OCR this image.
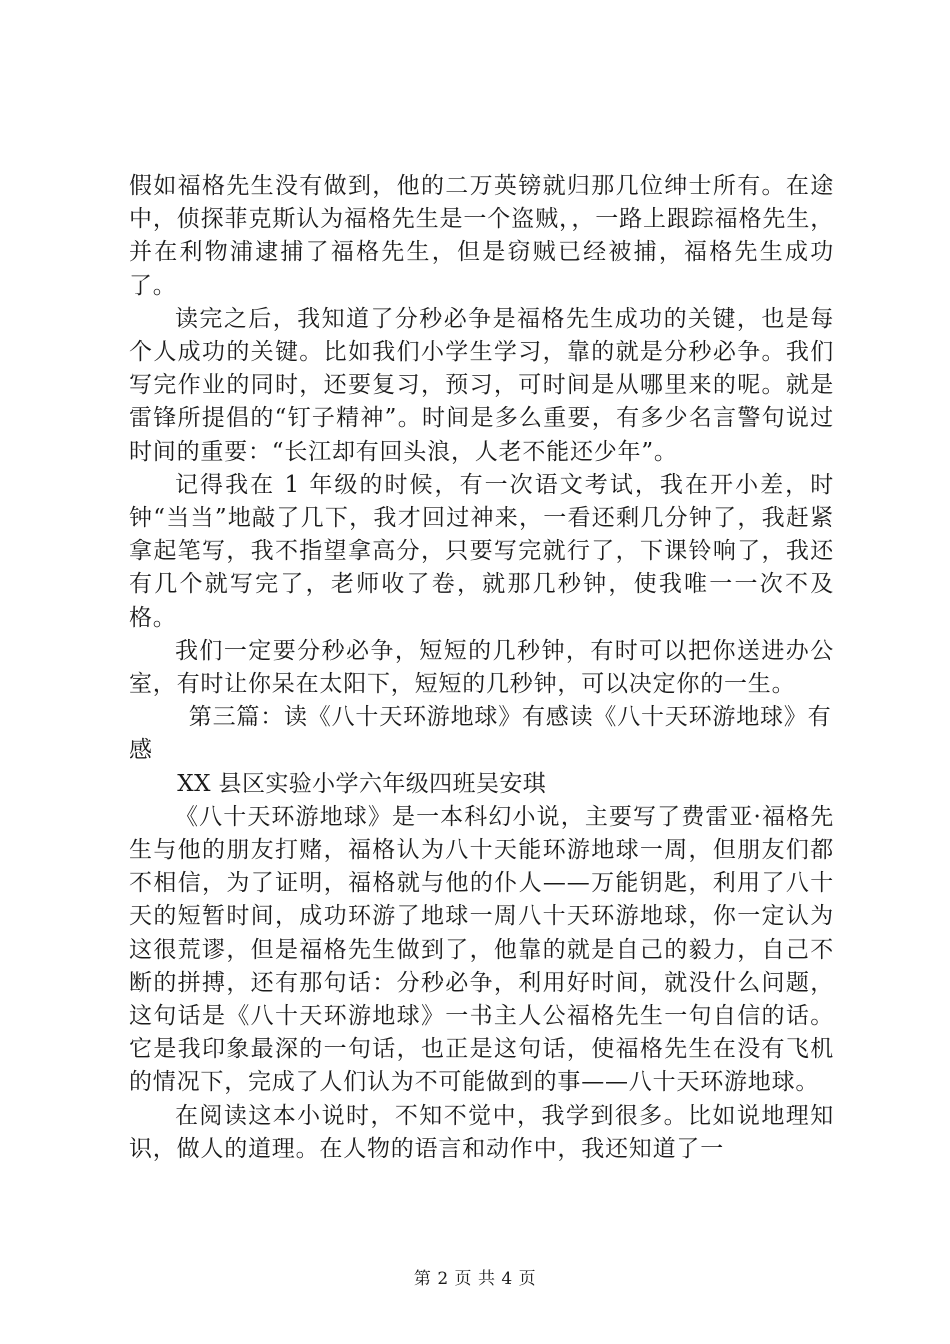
假如福格先生没有做到，他的二万英镑就归那几位绅士所有。在途中，侦探菲克斯认为福格先生是一个盗贼，，一路上跟踪福格先生，并在利物浦逮捕了福格先生，但是窃贼已经被捕，福格先生成功了。

读完之后，我知道了分秒必争是福格先生成功的关键，也是每个人成功的关键。比如我们小学生学习，靠的就是分秒必争。我们写完作业的同时，还要复习，预习，可时间是从哪里来的呢。就是雷锋所提倡的“钉子精神”。时间是多么重要，有多少名言警句说过时间的重要：“长江却有回头浪，人老不能还少年”。

记得我在 1 年级的时候，有一次语文考试，我在开小差，时钟“当当”地敲了几下，我才回过神来，一看还剩几分钟了，我赶紧拿起笔写，我不指望拿高分，只要写完就行了，下课铃响了，我还有几个就写完了，老师收了卷，就那几秒钟，使我唯一一次不及格。

我们一定要分秒必争，短短的几秒钟，有时可以把你送进办公室，有时让你呆在太阳下，短短的几秒钟，可以决定你的一生。

第三篇：读《八十天环游地球》有感读《八十天环游地球》有感

XX 县区实验小学六年级四班吴安琪

《八十天环游地球》是一本科幻小说，主要写了费雷亚·福格先生与他的朋友打赌，福格认为八十天能环游地球一周，但朋友们都不相信，为了证明，福格就与他的仆人——万能钥匙，利用了八十天的短暂时间，成功环游了地球一周八十天环游地球，你一定认为这很荒谬，但是福格先生做到了，他靠的就是自己的毅力，自己不断的拼搏，还有那句话：分秒必争，利用好时间，就没什么问题，这句话是《八十天环游地球》一书主人公福格先生一句自信的话。它是我印象最深的一句话，也正是这句话，使福格先生在没有飞机的情况下，完成了人们认为不可能做到的事——八十天环游地球。

在阅读这本小说时，不知不觉中，我学到很多。比如说地理知识，做人的道理。在人物的语言和动作中，我还知道了一

第 2 页 共 4 页
